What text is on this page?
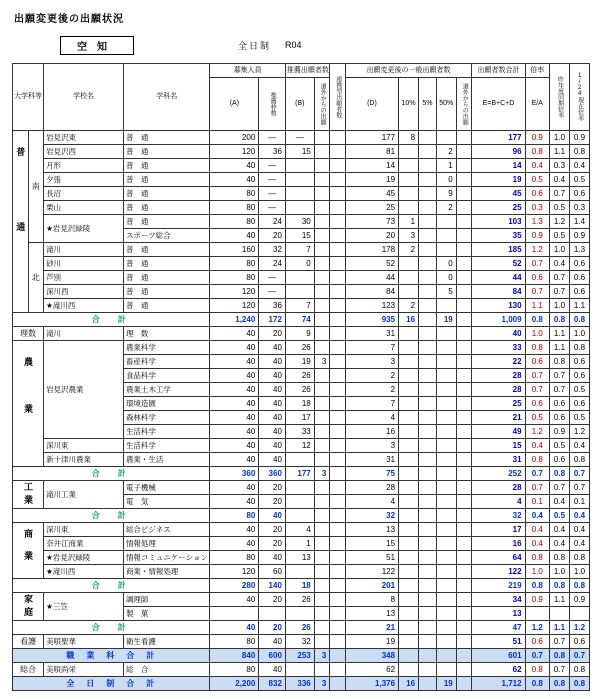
出願変更後の出願状況
空知	全日制 R04
大学科等		学校名	学科名	募集人員		推薦出願者数		連携型出願者数	出願変更後の一般出願者数					出願者数合計	倍率	昨年度同期倍率	1/24現在倍率
				(A)	推薦枠数	(B)	道外からの出願		(D)	10%	5%	50%	道外からの出願	E=B+C+D	E/A		
普通	南	岩見沢東	普　通	200	—	—			177	8				177	0.9	1.0	0.9
		岩見沢西	普　通	120	36	15			81			2		96	0.8	1.1	0.8
		月形	普　通	40	—				14			1		14	0.4	0.3	0.4
		夕張	普　通	40	—				19			0		19	0.5	0.4	0.5
		長沼	普　通	80	—				45			9		45	0.6	0.7	0.6
		栗山	普　通	80	—				25			2		25	0.3	0.5	0.3
		★岩見沢緑陵	普　通	80	24	30			73	1				103	1.3	1.2	1.4
			スポーツ総合	40	20	15			20	3				35	0.9	0.5	0.9
	北	滝川	普　通	160	32	7			178	2				185	1.2	1.0	1.3
		砂川	普　通	80	24	0			52			0		52	0.7	0.4	0.6
		芦別	普　通	80	—				44			0		44	0.6	0.7	0.6
		深川西	普　通	120	—				84			5		84	0.7	0.7	0.6
		★滝川西	普　通	120	36	7			123	2				130	1.1	1.0	1.1
合　計				1,240	172	74			935	16		19		1,009	0.8	0.8	0.8
理数		滝川	理　数	40	20	9			31					40	1.0	1.1	1.0
農業		岩見沢農業	農業科学	40	40	26			7					33	0.8	1.1	0.8
			畜産科学	40	40	19	3		3					22	0.6	0.8	0.6
			食品科学	40	40	26			2					28	0.7	0.7	0.6
			農業土木工学	40	40	26			2					28	0.7	0.7	0.5
			環境造園	40	40	18			7					25	0.6	0.6	0.6
			森林科学	40	40	17			4					21	0.5	0.6	0.5
			生活科学	40	40	33			16					49	1.2	0.9	1.2
		深川東	生活科学	40	40	12			3					15	0.4	0.5	0.4
		新十津川農業	農業・生活	40	40				31					31	0.8	0.6	0.8
合　計				360	360	177	3		75					252	0.7	0.8	0.7
工業		滝川工業	電子機械	40	20				28					28	0.7	0.7	0.7
			電　気	40	20				4					4	0.1	0.4	0.1
合　計				80	40				32					32	0.4	0.5	0.4
商業		深川東	総合ビジネス	40	20	4			13					17	0.4	0.4	0.4
		奈井江商業	情報処理	40	20	1			15					16	0.4	0.4	0.4
		★岩見沢緑陵	情報コミュニケーション	80	40	13			51					64	0.8	0.8	0.8
		★滝川西	商業・情報処理	120	60				122					122	1.0	1.0	1.0
合　計				280	140	18			201					219	0.8	0.8	0.8
家庭		★三笠	調理師	40	20	26			8					34	0.9	1.1	0.9
			製　菓						13					13			
合　計				40	20	26			21					47	1.2	1.1	1.2
看護		美唄聖華	衛生看護	80	40	32			19					51	0.6	0.7	0.6
職　業　科　合　計				840	600	253	3		348					601	0.7	0.8	0.7
総合		美唄尚栄	総　合	80	40				62					62	0.8	0.7	0.8
全　日　制　合　計				2,200	832	336	3		1,376	16		19		1,712	0.8	0.8	0.8
